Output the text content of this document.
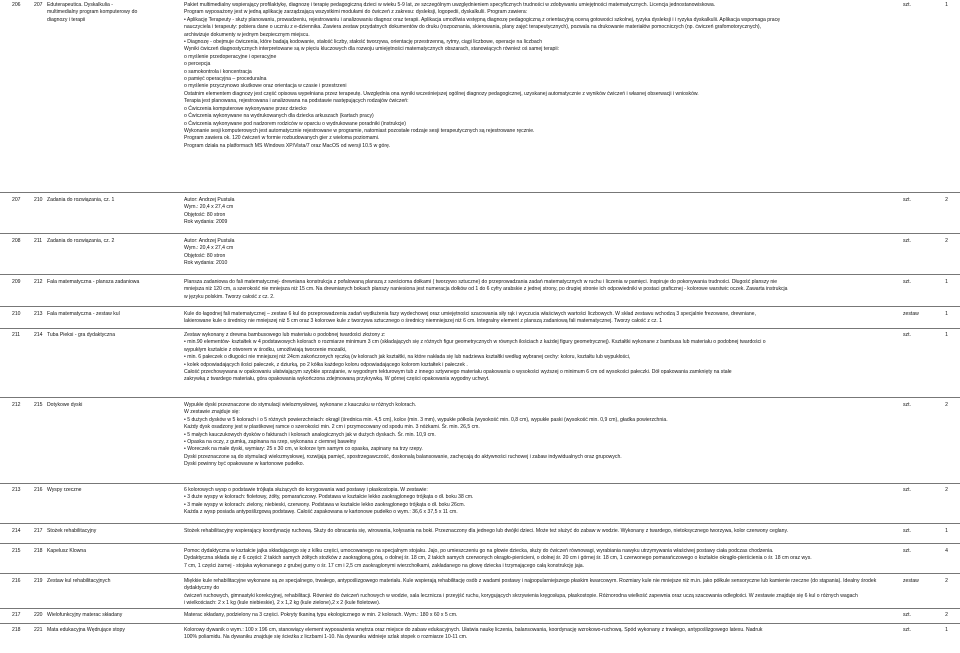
206	207 Eduterapeutica. Dyskalkulia -
multimedialny program komputerowy do
diagnozy i terapii
Pakiet multimedialny wspierający profilaktykę, diagnozę i terapię pedagogiczną dzieci w wieku 5-9 lat, ze szczególnym uwzględnieniem specyficznych trudności w zdobywaniu umiejętności matematycznych. Licencja jednostanowiskowa.
Program wyposażony jest w jedną aplikację zarządzającą wszystkimi modułami do ćwiczeń z zakresu: dysleksji, logopedii, dyskalkulii. Program zawiera:
• Aplikację Terapeuty - służy planowaniu, prowadzeniu, rejestrowaniu i analizowaniu diagnoz oraz terapii. Aplikacja umożliwia wstępną diagnozę pedagogiczną z orientacyjną oceną gotowości szkolnej, ryzyka dysleksji i i ryzyka dyskalkulii. Aplikacja wspomaga pracę
nauczyciela i terapeuty: pobiera dane o uczniu z e-dziennika. Zawiera zestaw przydatnych dokumentów do druku (rozpoznania, skierowania, plany zajęć terapeutycznych), pozwala na drukowanie materiałów pomocniczych (np. ćwiczeń grafomotorycznych),
archiwizuje dokumenty w jednym bezpiecznym miejscu.
• Diagnozę - obejmuje ćwiczenia, które badają kodowanie, stałość liczby, stałość tworzywa, orientację przestrzenną, rytmy, ciągi liczbowe, operacje na liczbach
Wyniki ćwiczeń diagnostycznych interpretowane są w pięciu kluczowych dla rozwoju umiejętności matematycznych obszarach, stanowiących również oś samej terapii:
o myślenie przedoperacyjne i operacyjne
o percepcja
o samokontrola i koncentracja
o pamięć operacyjna – proceduralna
o myślenie przyczynowo skutkowe oraz orientacja w czasie i przestrzeni
Ostatnim elementem diagnozy jest część opisowa wypełniana przez terapeutę. Uwzględnia ona wyniki wcześniejszej ogólnej diagnozy pedagogicznej, uzyskanej automatycznie z wyników ćwiczeń i własnej obserwacji i wniosków.
Terapia jest planowana, rejestrowana i analizowana na podstawie następujących rodzajów ćwiczeń:
o Ćwiczenia komputerowe wykonywane przez dziecko
o Ćwiczenia wykonywane na wydrukowanych dla dziecka arkuszach (kartach pracy)
o Ćwiczenia wykonywane pod nadzorem rodziców w oparciu o wydrukowane poradniki (instrukcje)
Wykonanie sesji komputerowych jest automatycznie rejestrowane w programie, natomiast pozostałe rodzaje sesji terapeutycznych są rejestrowane ręcznie.
Program zawiera ok. 120 ćwiczeń w formie rozbudowanych gier z wieloma poziomami.
Program działa na platformach MS Windows XP/Vista/7 oraz MacOS od wersji 10.5 w górę.
szt.	1
207	210 Zadania do rozwiązania, cz. 1	Autor: Andrzej Pustuła
Wym.: 20,4 x 27,4 cm
Objętość: 80 stron
Rok wydania: 2009
szt.	2
208	211 Zadania do rozwiązania, cz. 2	Autor: Andrzej Pustuła
Wym.: 20,4 x 27,4 cm
Objętość: 80 stron
Rok wydania: 2010
szt.	2
209	212 Fala matematyczna - plansza zadaniowa	Plansza zadaniowa do fali matematycznej- drewniana konstrukcja z pofalowaną planszą z sześcioma dołkami ( tworzywo sztuczne) do przeprowadzania zadań matematycznych w ruchu i liczenia w pamięci. Inspiruje do pokonywania trudności. Długość planszy nie
mniejsza niż 120 cm, a szerokość nie mniejsza niż 15 cm. Na drewnianych bokach planszy naniesiona jest numeracja dołków od 1 do 6 cyfry arabskie z jednej strony, po drugiej stronie ich odpowiedniki w postaci graficznej - kolorowe warstwic oczek. Zawarta instrukcja
w języku polskim. Tworzy całość z cz. 2.
szt.	1
210	213 Fala matematyczna - zestaw kul	Kule do łagodnej fali matematycznej – zestaw 6 kul do przeprowadzenia zadań wydłużenia fazy wydechowej oraz umiejętności szacowania siły rąk i wyczucia właściwych wartości liczbowych. W skład zestawu wchodzą 3 specjalnie frezowane, drewniane,
lakierowane kule o średnicy nie mniejszej niż 5 cm oraz 3 kolorowe kule z tworzywa sztucznego o średnicy niemniejszej niż 6 cm. Integralny element z planszą zadaniową fali matematycznej. Tworzy całość z cz. 1
zestaw	1
211	214 Tuba Pieksi - gra dydaktyczna	Zestaw wykonany z drewna bambusowego lub materiału o podobnej twardości złożony z:
• min.90 elementów- kształtek w 4 podstawowych kolorach o rozmiarze minimum 3 cm (składających się z różnych figur geometrycznych w równych ilościach z każdej figury geometrycznej). Kształtki wykonane z bambusa lub materiału o podobnej twardości o
wypukłym kształcie z otworem w środku, umożliwiają tworzenie mozaiki,
• min. 6 pałeczek o długości nie mniejszej niż 24cm zakończonych ręczką (w kolorach jak kształtki, na które nakłada się lub nadziewa kształtki według wybranej cechy: koloru, kształtu lub wypukłości,
• kolek odpowiadających ilości pałeczek, z dziurką, po 2 kółka każdego koloru odpowiadającego kolorom kształtek i pałeczek .
Całość przechowywana w opakowaniu ułatwiającym szybkie sprzątanie, w wygodnym tekturowym tub z innego sztywnego materiału opakowaniu o wysokości wyższej o minimum 6 cm od wysokości pałeczki. Dół opakowania zamknięty na stałe
zakrywką z twardego materiału, góra opakowania wykończona zdejmowaną przykrywką. W górnej części opakowania wygodny uchwyt.
szt.	1
212	215 Dotykowe dyski	Wypukłe dyski przeznaczone do stymulacji wielozmysłowej, wykonane z kauczuku w różnych kolorach.
W zestawie znajduje się:
• 5 dużych dysków w 5 kolorach i o 5 różnych powierzchniach: okrągł (średnica min. 4,5 cm), kolce (min. 3 mm), wypukłe półkola (wysokość min. 0,8 cm), wypukłe paski (wysokość min. 0,9 cm), gładka powierzchnia.
Każdy dysk osadzony jest w plastikowej ramce o szerokości min. 2 cm i przymocowany od spodu min. 3 nóżkami. Śr. min. 26,5 cm.
• 5 małych kauczukowych dysków o fakturach i kolorach analogicznych jak w dużych dyskach. Śr. min. 10,9 cm.
• Opaska na oczy, z gumką, zapinana na rzep, wykonana z ciemnej bawełny
• Woreczek na małe dyski, wymiary: 25 x 30 cm, w kolorze tym samym co opaska, zapinany na trzy rzepy.
Dyski przeznaczone są do stymulacji wielozmysłowej, rozwijają pamięć, spostrzegawczość, doskonalą balansowanie, zachęcają do aktywności ruchowej i zabaw indywidualnych oraz grupowych.
Dyski powinny być opakowane w kartonowe pudełko.
szt.	2
213	216 Wyspy rzeczne	6 kolorowych wysp o podstawie trójkąta służących do korygowania wad postawy i płaskostopia. W zestawie:
• 3 duże wyspy w kolorach: fioletowy, żółty, pomarańczowy. Podstawa w kształcie lekko zaokrąglonego trójkąta o dł. boku 38 cm.
• 3 małe wyspy w kolorach: zielony, niebieski, czerwony. Podstawa w kształcie lekko zaokrąglonego trójkąta o dł. boku 26cm.
Każda z wysp posiada antypoślizgową podstawę. Całość zapakowana w kartonowe pudełko o wym.: 36,6 x 37,5 x 11 cm.
szt.	2
214	217 Stożek rehabilitacyjny	Stożek rehabilitacyjny wspierający koordynację ruchową. Służy do obracania się, wirowania, kołysania na boki. Przeznaczony dla jednego lub dwójki dzieci. Może też służyć do zabaw w wodzie. Wykonany z twardego, nietoksycznego tworzywa, kolor czerwony ceglany.	szt.	1
215	218 Kapelusz Klowna	Pomoc dydaktyczna w kształcie jajka składającego się z kilku części, umocowanego na specjalnym stojaku. Jajo, po umieszczeniu go na głowie dziecka, służy do ćwiczeń równowagi, wyrabiania nawyku utrzymywania właściwej postawy ciała podczas chodzenia.
Dydaktyczna składa się z 6 części: 2 takich samych żółtych stożków z zaokrągloną górą, o dolnej śr. 18 cm, 2 takich samych czerwonych okrągło-pierścieni, o dolnej śr. 20 cm i górnej śr. 18 cm, 1 czerwonego pomarańczowego o kształcie okrągło-pierścienia o śr. 18 cm oraz wys.
7 cm, 1 części żarnej - stojaka wykonanego z grubej gumy o śr. 17 cm i 2,5 cm zaokrąglonymi wierzchołkami, zakładanego na głowę dziecka i trzymającego całą konstrukcję jaja.
szt.	4
216	219 Zestaw kul rehabilitacyjnych	Miękkie kule rehabilitacyjne wykonane są ze specjalnego, trwałego, antypoślizgowego materiału. Kule wspierają rehabilitację osób z wadami postawy i najpopularniejszego płaskim kwarcowym. Rozmiary kule nie mniejsze niż m.in. jako półkule sensoryczne lub kamienie rzeczne (do stąpania). Idealny środek dydaktyczny do
ćwiczeń ruchowych, gimnastyki korekcyjnej, rehabilitacji. Również do ćwiczeń ruchowych w wodzie, sala lecznicza i przeyjść ruchu, korygujących skrzywienia kręgosłupa, płaskostopie. Różnorodna wielkość zapewnia oraz uczą szacowania odległości. W zestawie znajduje się 6 kul o różnych wagach
i wielkościach: 2 x 1 kg (kule niebieskie), 2 x 1,2 kg (kule zielone),2 x 2 (kule fioletowe).
zestaw	2
217	220 Wielofunkcyjny materac składany	Materac składany, podzielony na 3 części. Pokryty tkaniną typu ekologicznego w min. 2 kolorach. Wym.: 180 x 60 x 5 cm.	szt.	2
218	221 Mata edukacyjna Wędrujące stopy	Kolorowy dywanik o wym.: 100 x 196 cm, stanowiący element wyposażenia wnętrza oraz miejsce do zabaw edukacyjnych. Ułatwia naukę liczenia, balansowania, koordynację wzrokowo-ruchową. Spód wykonany z trwałego, antypoślizgowego latexu. Nadruk
100% poliamidu. Na dywaniku znajduje się ścieżka z liczbami 1-10. Na dywaniku widnieje szlak stopek o rozmiarze 10-11 cm.
szt.	1
